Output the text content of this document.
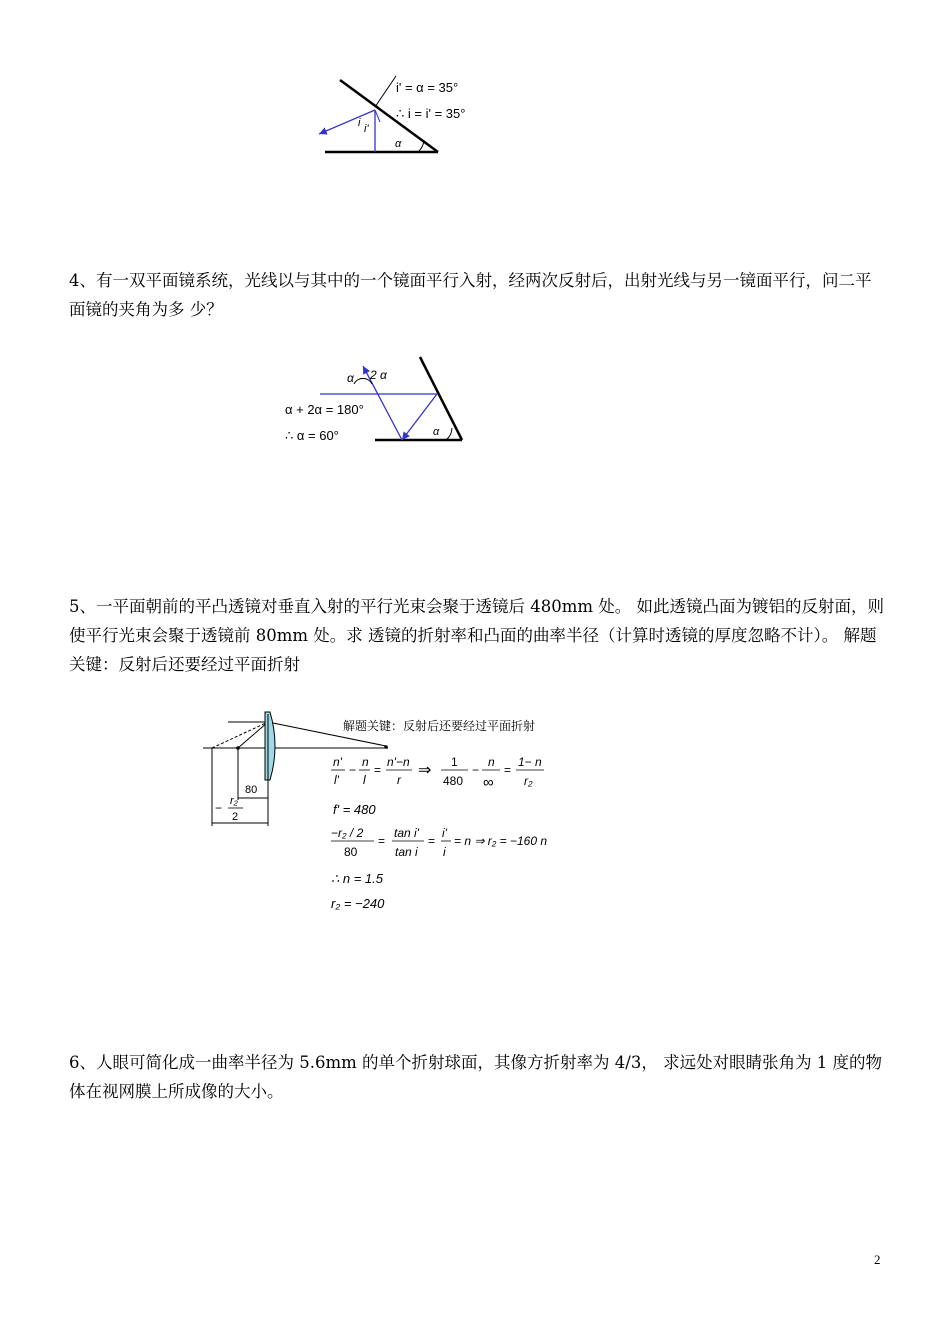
i' = α = 35°
∴ i = i' = 35°
i i'
α

4、有一双平面镜系统，光线以与其中的一个镜面平行入射，经两次反射后，出射光线与另一镜面平行，问二平面镜的夹角为多 少？

α 2 α
α + 2α = 180°
∴ α = 60°	α

5、一平面朝前的平凸透镜对垂直入射的平行光束会聚于透镜后 480mm 处。 如此透镜凸面为镀铝的反射面，则使平行光束会聚于透镜前 80mm 处。求 透镜的折射率和凸面的曲率半径（计算时透镜的厚度忽略不计）。 解题关键：反射后还要经过平面折射

80
− r₂
2
解题关键：反射后还要经过平面折射
n'
l'
−
n
l
=
n'−n
r
⇒ 1
480
−
n
∞
=
1− n
r₂
f' = 480
−r₂ / 2
80
=
tan i'
tan i
=
i'
i
= n ⇒ r₂ = −160 n
∴ n = 1.5
r₂ = −240

6、人眼可简化成一曲率半径为 5.6mm 的单个折射球面，其像方折射率为 4/3， 求远处对眼睛张角为 1 度的物体在视网膜上所成像的大小。

2
